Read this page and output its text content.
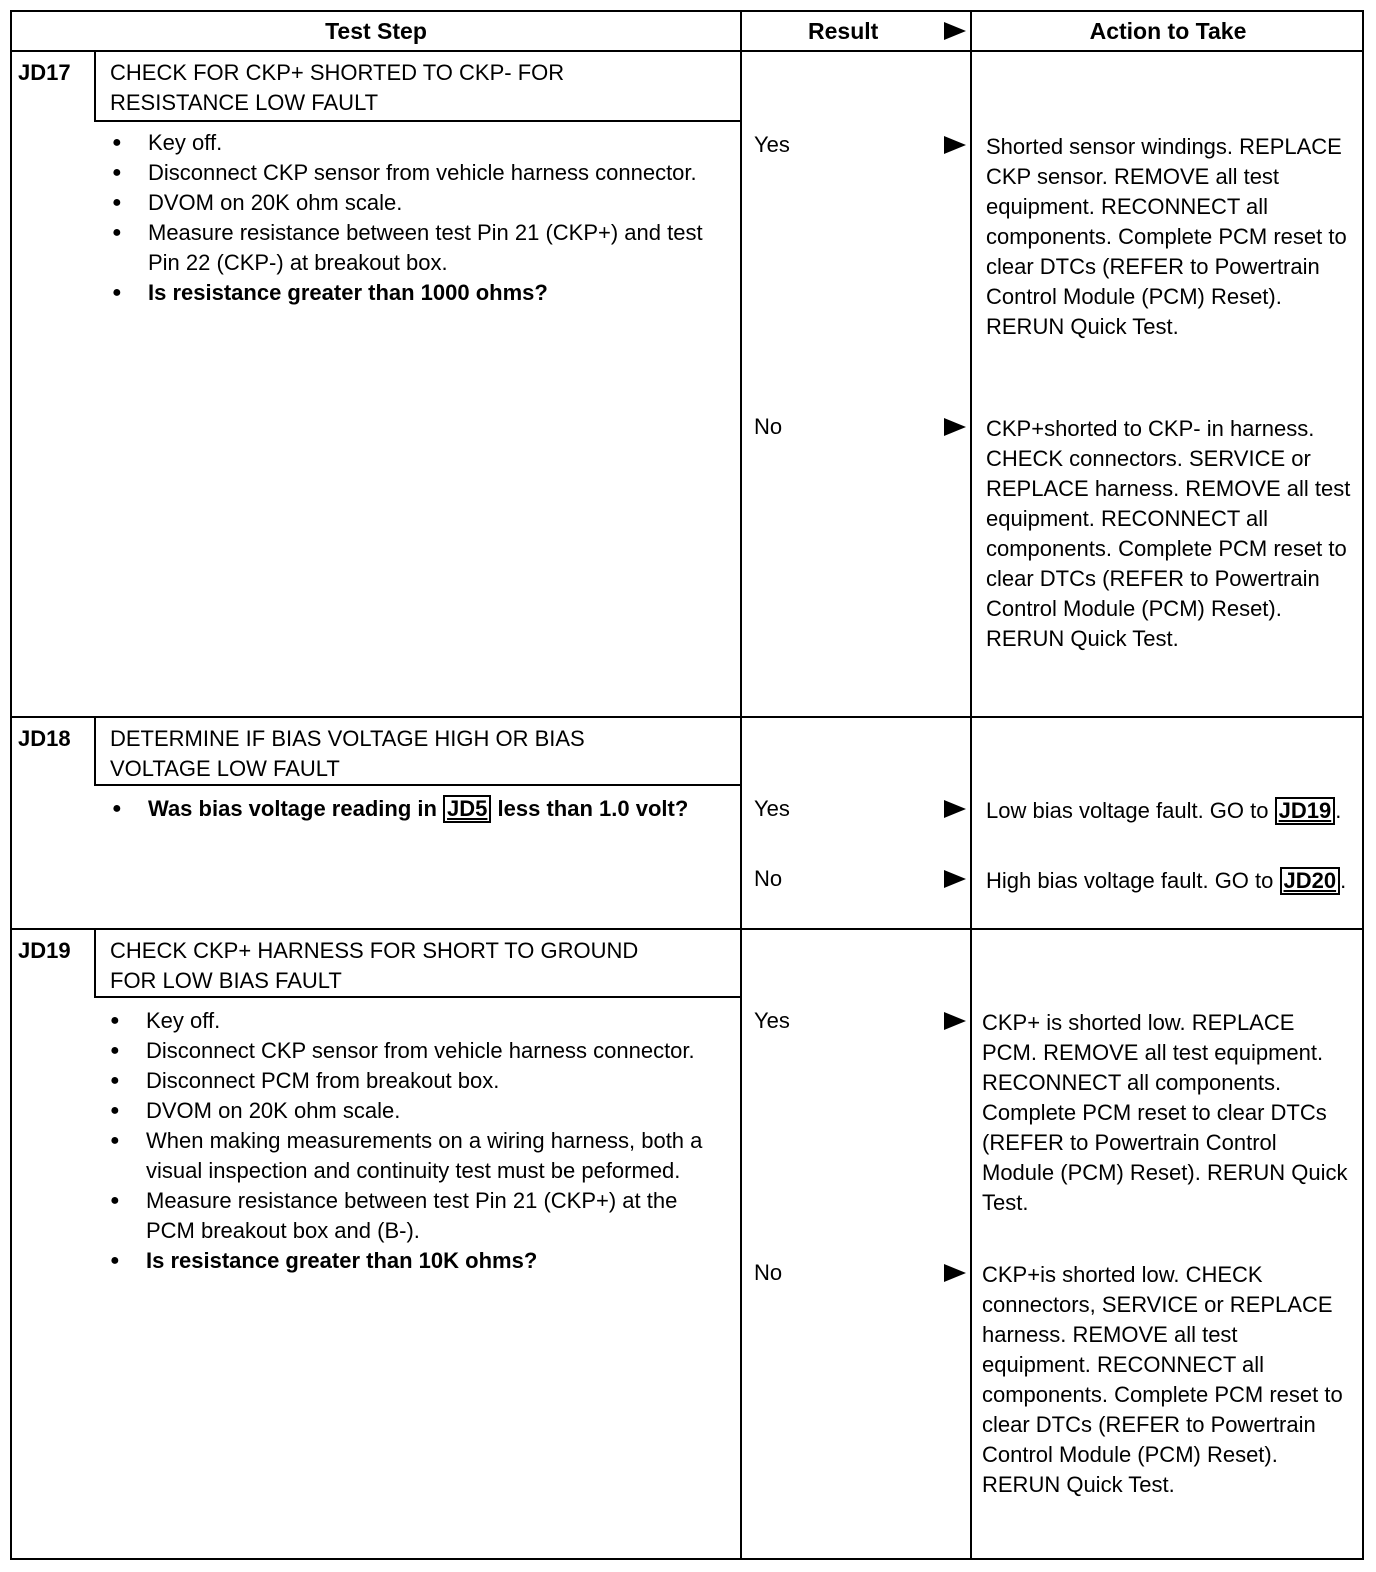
Test Step	Result	Action to Take
JD17 CHECK FOR CKP+ SHORTED TO CKP- FOR RESISTANCE LOW FAULT
● Key off.
● Disconnect CKP sensor from vehicle harness connector.
● DVOM on 20K ohm scale.
● Measure resistance between test Pin 21 (CKP+) and test Pin 22 (CKP-) at breakout box.
● Is resistance greater than 1000 ohms?
Yes	Shorted sensor windings. REPLACE CKP sensor. REMOVE all test equipment. RECONNECT all components. Complete PCM reset to clear DTCs (REFER to Powertrain Control Module (PCM) Reset). RERUN Quick Test.
No	CKP+shorted to CKP- in harness. CHECK connectors. SERVICE or REPLACE harness. REMOVE all test equipment. RECONNECT all components. Complete PCM reset to clear DTCs (REFER to Powertrain Control Module (PCM) Reset). RERUN Quick Test.
JD18 DETERMINE IF BIAS VOLTAGE HIGH OR BIAS VOLTAGE LOW FAULT
● Was bias voltage reading in JD5 less than 1.0 volt?	Yes	Low bias voltage fault. GO to JD19 .
No	High bias voltage fault. GO to JD20 .
JD19 CHECK CKP+ HARNESS FOR SHORT TO GROUND FOR LOW BIAS FAULT
● Key off.
● Disconnect CKP sensor from vehicle harness connector.
● Disconnect PCM from breakout box.
● DVOM on 20K ohm scale.
● When making measurements on a wiring harness, both a visual inspection and continuity test must be peformed.
● Measure resistance between test Pin 21 (CKP+) at the PCM breakout box and (B-).
● Is resistance greater than 10K ohms?
Yes	CKP+ is shorted low. REPLACE PCM. REMOVE all test equipment. RECONNECT all components. Complete PCM reset to clear DTCs (REFER to Powertrain Control Module (PCM) Reset). RERUN Quick Test.
No	CKP+is shorted low. CHECK connectors, SERVICE or REPLACE harness. REMOVE all test equipment. RECONNECT all components. Complete PCM reset to clear DTCs (REFER to Powertrain Control Module (PCM) Reset). RERUN Quick Test.
